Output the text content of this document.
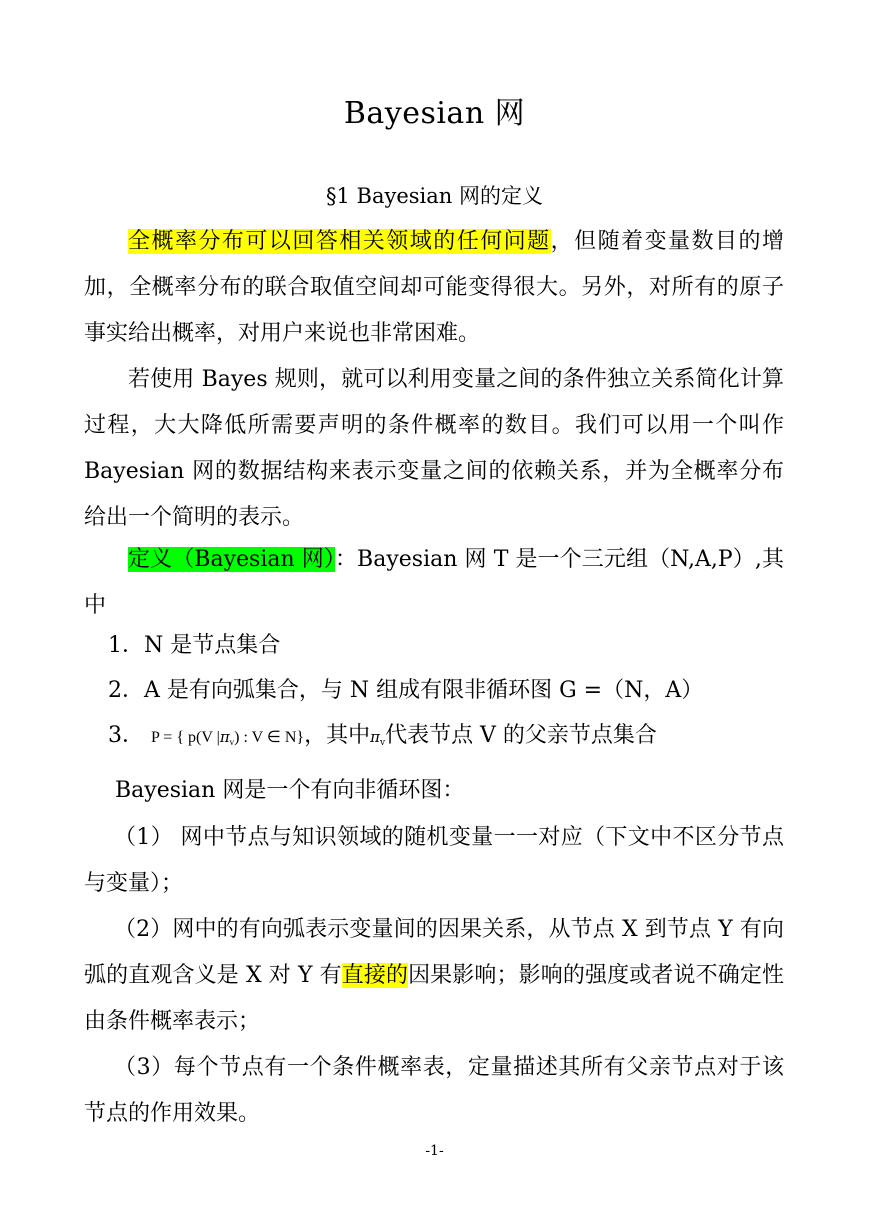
Bayesian 网
§1 Bayesian 网的定义
全概率分布可以回答相关领域的任何问题，但随着变量数目的增加，全概率分布的联合取值空间却可能变得很大。另外，对所有的原子事实给出概率，对用户来说也非常困难。
若使用 Bayes 规则，就可以利用变量之间的条件独立关系简化计算过程，大大降低所需要声明的条件概率的数目。我们可以用一个叫作 Bayesian 网的数据结构来表示变量之间的依赖关系，并为全概率分布给出一个简明的表示。
定义（Bayesian 网）：Bayesian 网 T 是一个三元组（N,A,P）,其中
1．N 是节点集合
2．A 是有向弧集合，与 N 组成有限非循环图 G =（N，A）
3． P = { p(V $|\pi_v$) : V ∈ N}，其中$\pi_v$代表节点 V 的父亲节点集合
Bayesian 网是一个有向非循环图：
（1） 网中节点与知识领域的随机变量一一对应（下文中不区分节点与变量）；
（2）网中的有向弧表示变量间的因果关系，从节点 X 到节点 Y 有向弧的直观含义是 X 对 Y 有直接的因果影响；影响的强度或者说不确定性由条件概率表示；
（3）每个节点有一个条件概率表，定量描述其所有父亲节点对于该节点的作用效果。
-1-
